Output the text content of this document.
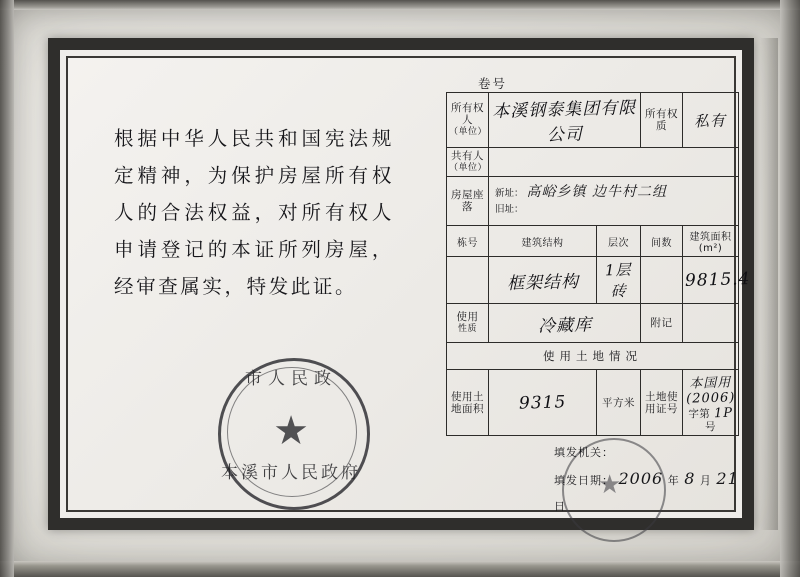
根据中华人民共和国宪法规定精神，为保护房屋所有权人的合法权益，对所有权人申请登记的本证所列房屋，经审查属实，特发此证。
市人民政
★
本溪市人民政府
卷号
所有权人
（单位）	本溪钢泰集团有限公司		所有权 质	私有
共有人
（单位）				

房屋座落	新址： 高峪乡镇 边牛村二组
旧址：			

栋号	建筑结构	层次	间数	建筑面积(m²)
	框架结构	1层砖		9815.4
使用
性质	冷藏库		附记	
使用土地情况				
使用土地面积	9315	平方米	土地使用证号	本国用(2006) 字第 1P 号
★
填发机关：
填发日期： 2006 年 8 月 21 日
